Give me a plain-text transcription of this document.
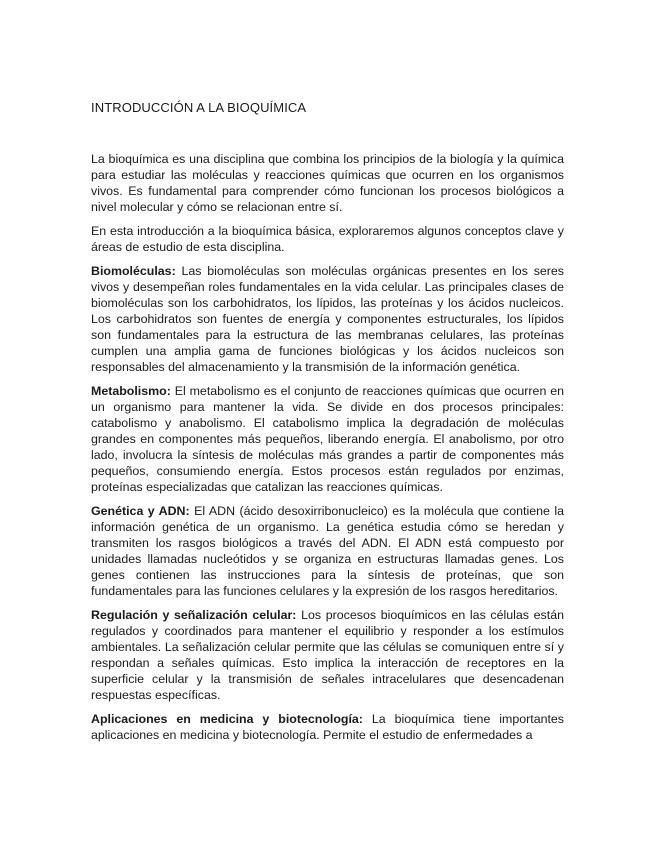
INTRODUCCIÓN A LA BIOQUÍMICA

La bioquímica es una disciplina que combina los principios de la biología y la química para estudiar las moléculas y reacciones químicas que ocurren en los organismos vivos. Es fundamental para comprender cómo funcionan los procesos biológicos a nivel molecular y cómo se relacionan entre sí.

En esta introducción a la bioquímica básica, exploraremos algunos conceptos clave y áreas de estudio de esta disciplina.

Biomoléculas: Las biomoléculas son moléculas orgánicas presentes en los seres vivos y desempeñan roles fundamentales en la vida celular. Las principales clases de biomoléculas son los carbohidratos, los lípidos, las proteínas y los ácidos nucleicos. Los carbohidratos son fuentes de energía y componentes estructurales, los lípidos son fundamentales para la estructura de las membranas celulares, las proteínas cumplen una amplia gama de funciones biológicas y los ácidos nucleicos son responsables del almacenamiento y la transmisión de la información genética.

Metabolismo: El metabolismo es el conjunto de reacciones químicas que ocurren en un organismo para mantener la vida. Se divide en dos procesos principales: catabolismo y anabolismo. El catabolismo implica la degradación de moléculas grandes en componentes más pequeños, liberando energía. El anabolismo, por otro lado, involucra la síntesis de moléculas más grandes a partir de componentes más pequeños, consumiendo energía. Estos procesos están regulados por enzimas, proteínas especializadas que catalizan las reacciones químicas.

Genética y ADN: El ADN (ácido desoxirribonucleico) es la molécula que contiene la información genética de un organismo. La genética estudia cómo se heredan y transmiten los rasgos biológicos a través del ADN. El ADN está compuesto por unidades llamadas nucleótidos y se organiza en estructuras llamadas genes. Los genes contienen las instrucciones para la síntesis de proteínas, que son fundamentales para las funciones celulares y la expresión de los rasgos hereditarios.

Regulación y señalización celular: Los procesos bioquímicos en las células están regulados y coordinados para mantener el equilibrio y responder a los estímulos ambientales. La señalización celular permite que las células se comuniquen entre sí y respondan a señales químicas. Esto implica la interacción de receptores en la superficie celular y la transmisión de señales intracelulares que desencadenan respuestas específicas.

Aplicaciones en medicina y biotecnología: La bioquímica tiene importantes aplicaciones en medicina y biotecnología. Permite el estudio de enfermedades a
